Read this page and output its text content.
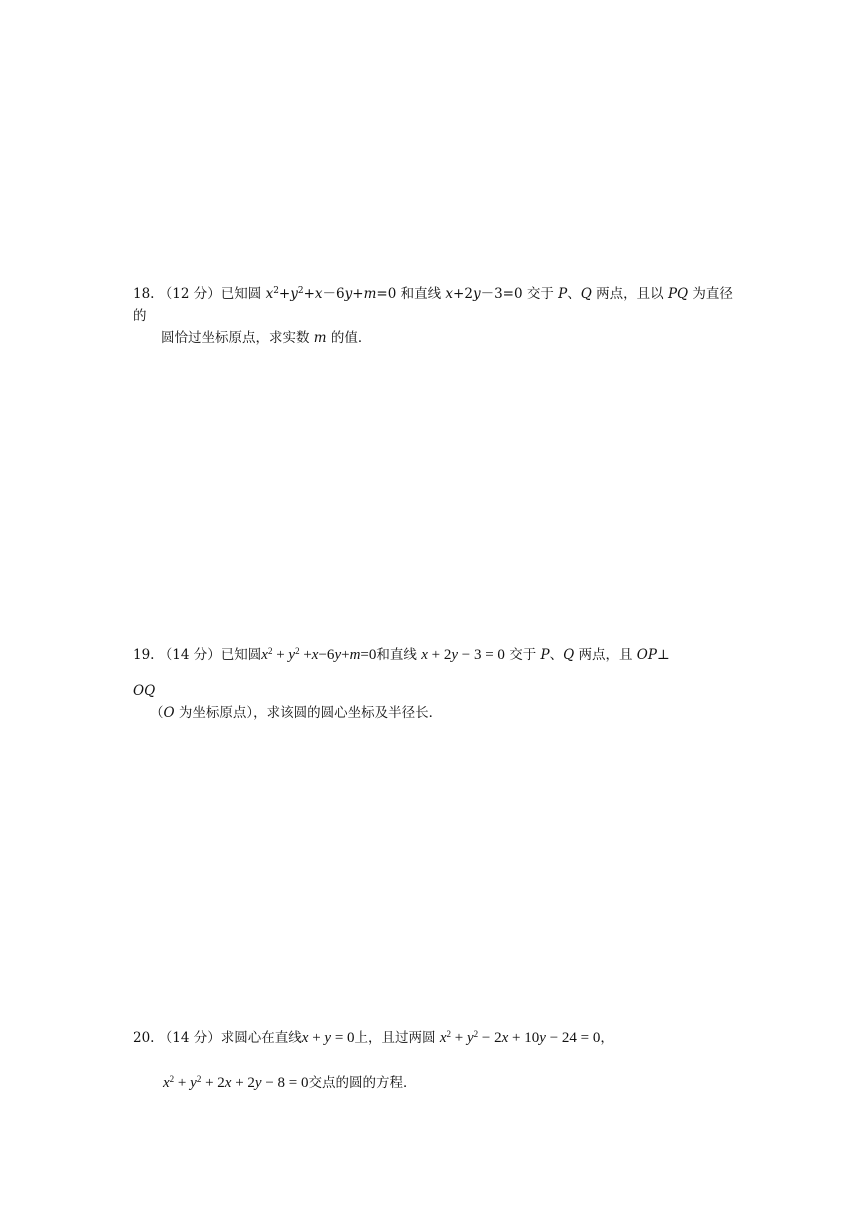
18. （12 分）已知圆 $x^2+y^2+x-6y+m=0$ 和直线 x+2y－3=0 交于 P、Q 两点，且以 PQ 为直径
的
圆恰过坐标原点，求实数 m 的值．
19. （14 分）已知圆$x^2 + y^2 +x-6y+m=0$和直线 x + 2y − 3 = 0 交于 P、Q 两点，且 OP⊥
OQ
（O 为坐标原点），求该圆的圆心坐标及半径长．
20. （14 分）求圆心在直线x + y = 0上，且过两圆 $x^2 + y^2 - 2x + 10y - 24 = 0$，
$x^2 + y^2 + 2x + 2y - 8 = 0$交点的圆的方程．
